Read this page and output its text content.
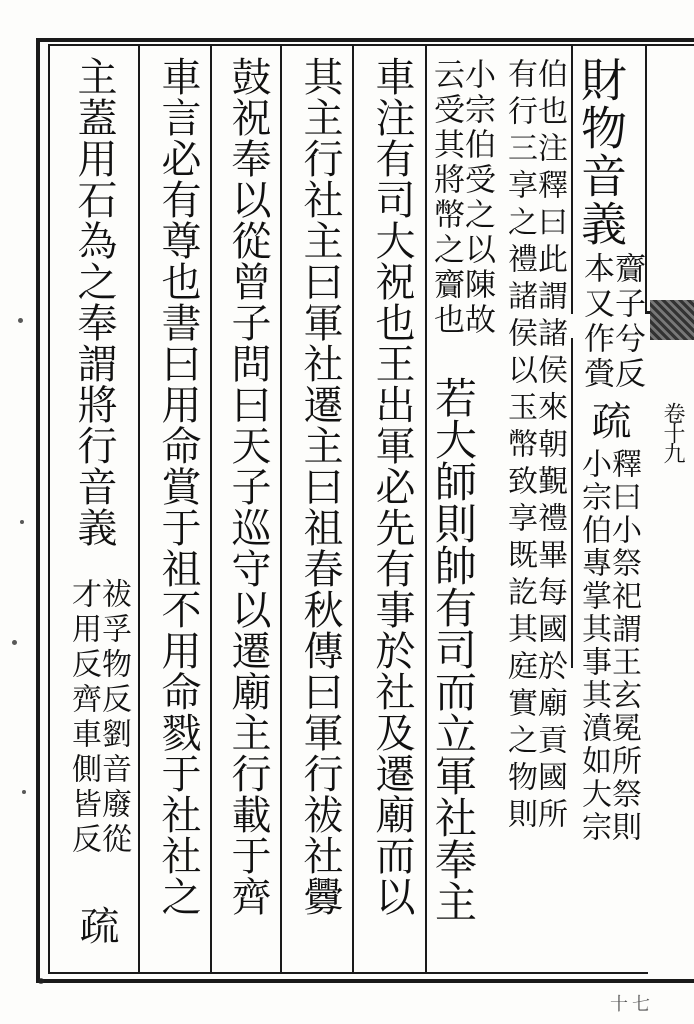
卷十九
十七
財物音義
齎子兮反
本又作賫
疏
釋曰小祭祀謂王玄冕所祭則
小宗伯專掌其事其濆如大宗
伯也注釋曰此謂諸侯來朝覲禮畢每國於廟貢國所
有行三享之禮諸侯以玉幣致享既訖其庭實之物則
小宗伯受之以陳故
云受其將幣之齎也
若大師則帥有司而立軍社奉主
車注有司大祝也王出軍必先有事於社及遷廟而以
其主行社主曰軍社遷主曰祖春秋傳曰軍行祓社釁
鼓祝奉以從曾子問曰天子巡守以遷廟主行載于齊
車言必有尊也書曰用命賞于祖不用命戮于社社之
主蓋用石為之奉謂將行音義
祓孚物反劉音廢從
才用反齊車側皆反
疏
